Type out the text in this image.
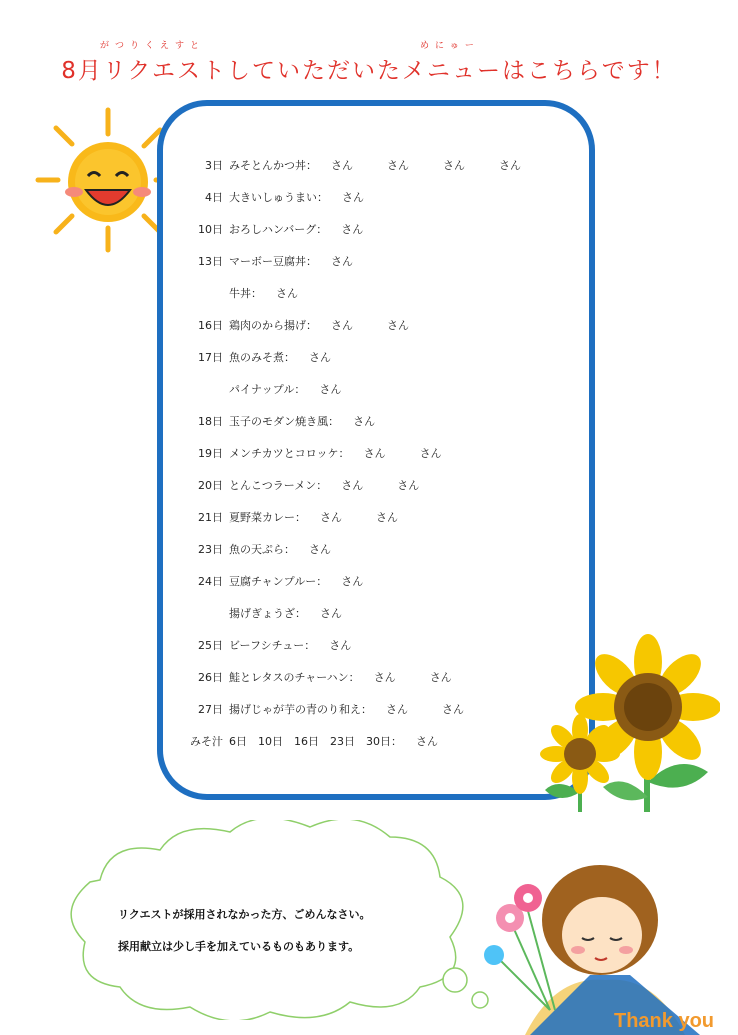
がつりくえすと	めにゅー
8月リクエストしていただいたメニューはこちらです！
3日 みそとんかつ丼： さん	さん	さん	さん
4日 大きいしゅうまい： さん
10日 おろしハンバーグ： さん
13日 マーボー豆腐丼： さん
牛丼： さん
16日 鶏肉のから揚げ： さん	さん
17日 魚のみそ煮： さん
パイナップル： さん
18日 玉子のモダン焼き風： さん
19日 メンチカツとコロッケ： さん	さん
20日 とんこつラーメン： さん	さん
21日 夏野菜カレー： さん	さん
23日 魚の天ぷら： さん
24日 豆腐チャンプルー： さん
揚げぎょうざ： さん
25日 ビーフシチュー： さん
26日 鮭とレタスのチャーハン： さん	さん
27日 揚げじゃが芋の青のり和え： さん	さん
みそ汁 6日　10日　16日　23日　30日： さん
リクエストが採用されなかった方、ごめんなさい。
採用献立は少し手を加えているものもあります。
Thank you
